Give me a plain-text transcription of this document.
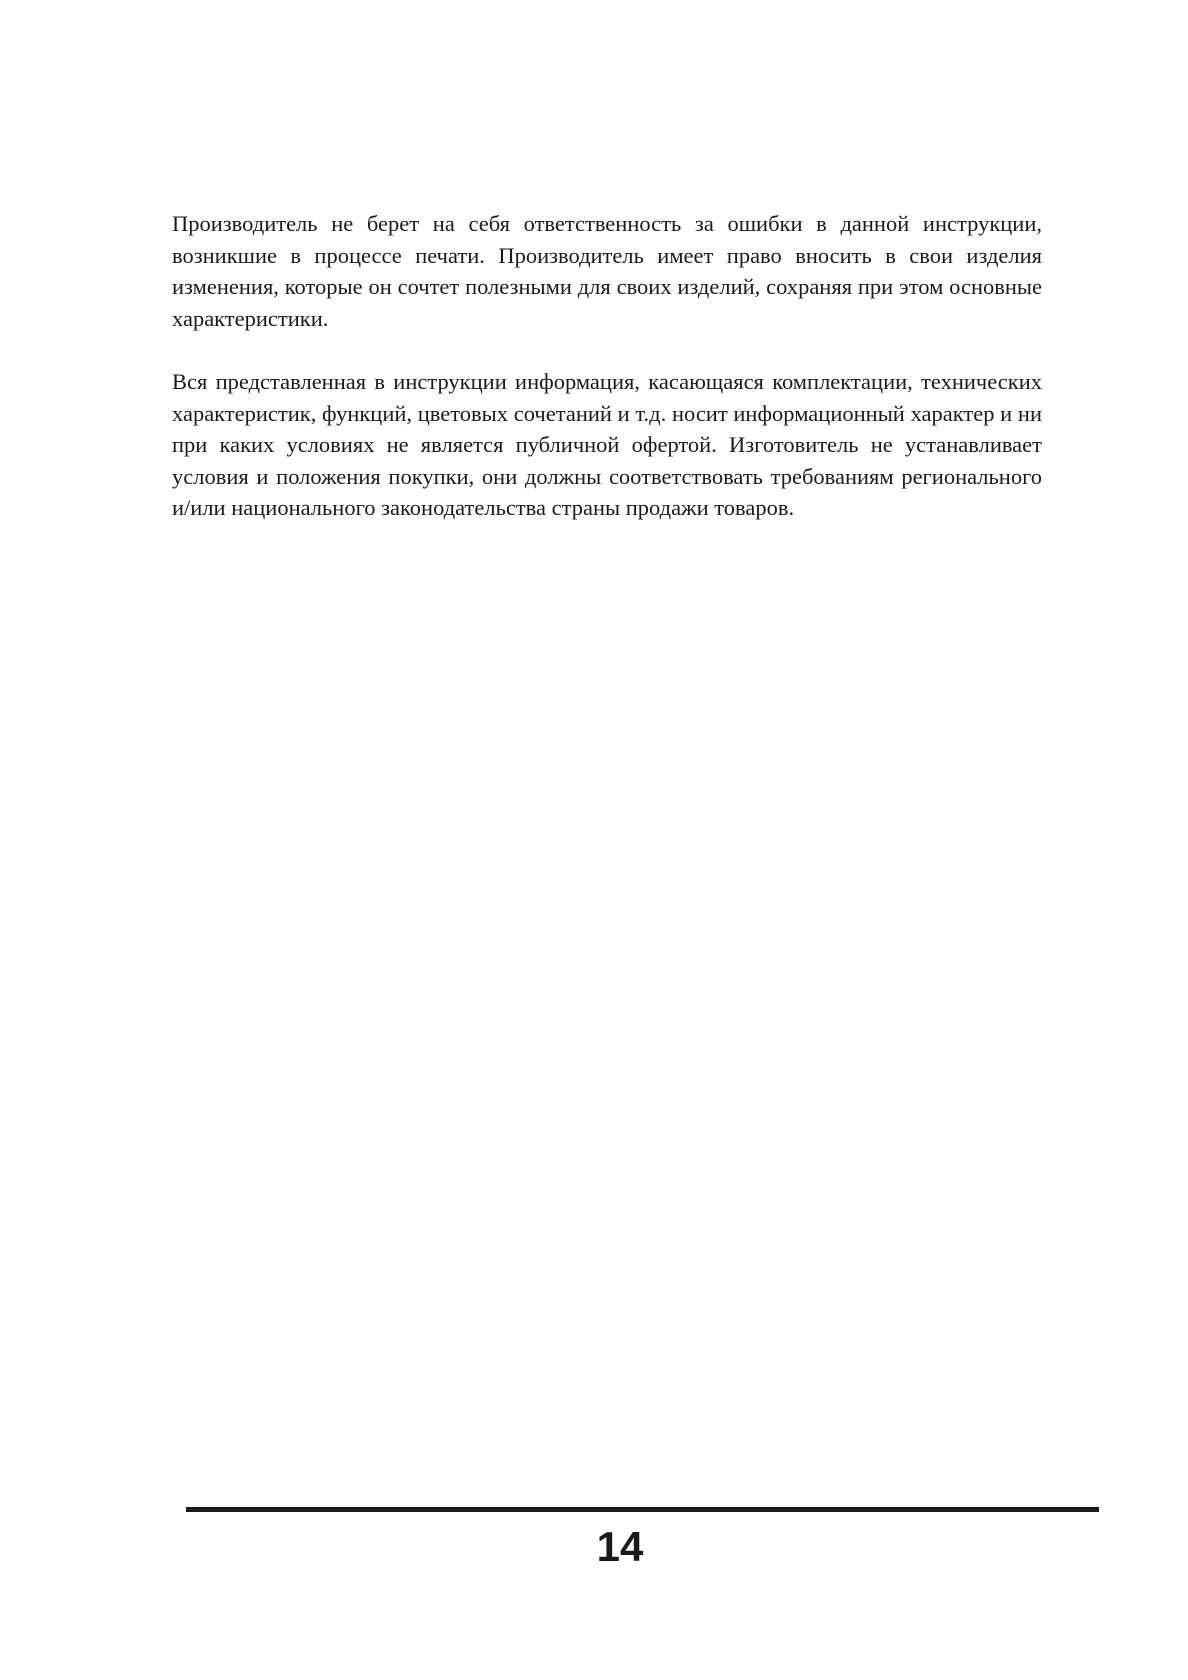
Производитель не берет на себя ответственность за ошибки в данной инструкции, возникшие в процессе печати. Производитель имеет право вносить в свои изделия изменения, которые он сочтет полезными для своих изделий, сохраняя при этом основные характеристики.

Вся представленная в инструкции информация, касающаяся комплектации, технических характеристик, функций, цветовых сочетаний и т.д. носит информационный характер и ни при каких условиях не является публичной офертой. Изготовитель не устанавливает условия и положения покупки, они должны соответствовать требованиям регионального и/или национального законодательства страны продажи товаров.

14
